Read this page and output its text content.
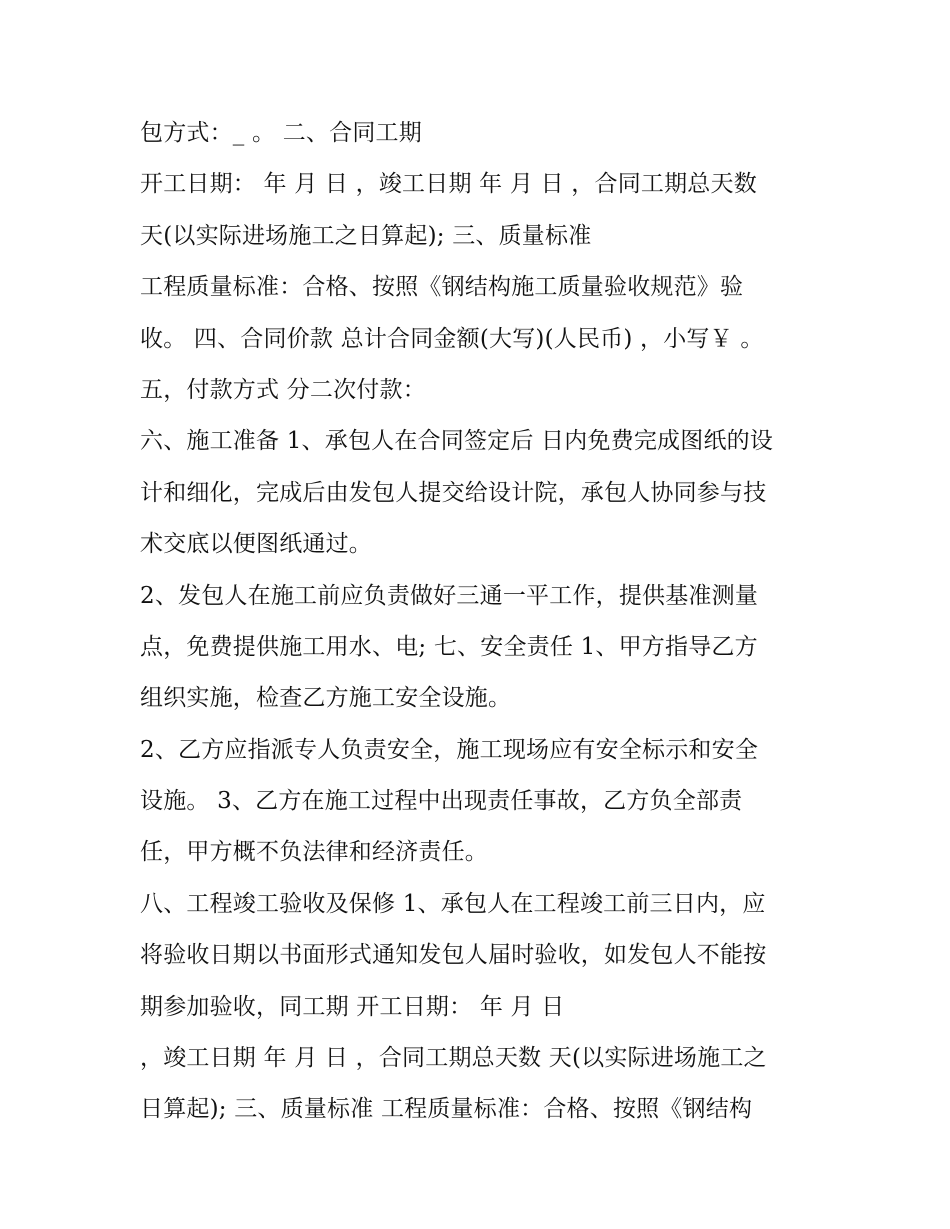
包方式：_ 。 二、合同工期
开工日期： 年 月 日 ，竣工日期 年 月 日 ，合同工期总天数
天(以实际进场施工之日算起); 三、质量标准
工程质量标准：合格、按照《钢结构施工质量验收规范》验
收。 四、合同价款 总计合同金额(大写)(人民币) ，小写￥ 。
五，付款方式 分二次付款：
六、施工准备 1、承包人在合同签定后 日内免费完成图纸的设
计和细化，完成后由发包人提交给设计院，承包人协同参与技
术交底以便图纸通过。
2、发包人在施工前应负责做好三通一平工作，提供基准测量
点，免费提供施工用水、电; 七、安全责任 1、甲方指导乙方
组织实施，检查乙方施工安全设施。
2、乙方应指派专人负责安全，施工现场应有安全标示和安全
设施。 3、乙方在施工过程中出现责任事故，乙方负全部责
任，甲方概不负法律和经济责任。
八、工程竣工验收及保修 1、承包人在工程竣工前三日内，应
将验收日期以书面形式通知发包人届时验收，如发包人不能按
期参加验收，同工期 开工日期： 年 月 日
，竣工日期 年 月 日 ，合同工期总天数 天(以实际进场施工之
日算起); 三、质量标准 工程质量标准：合格、按照《钢结构
